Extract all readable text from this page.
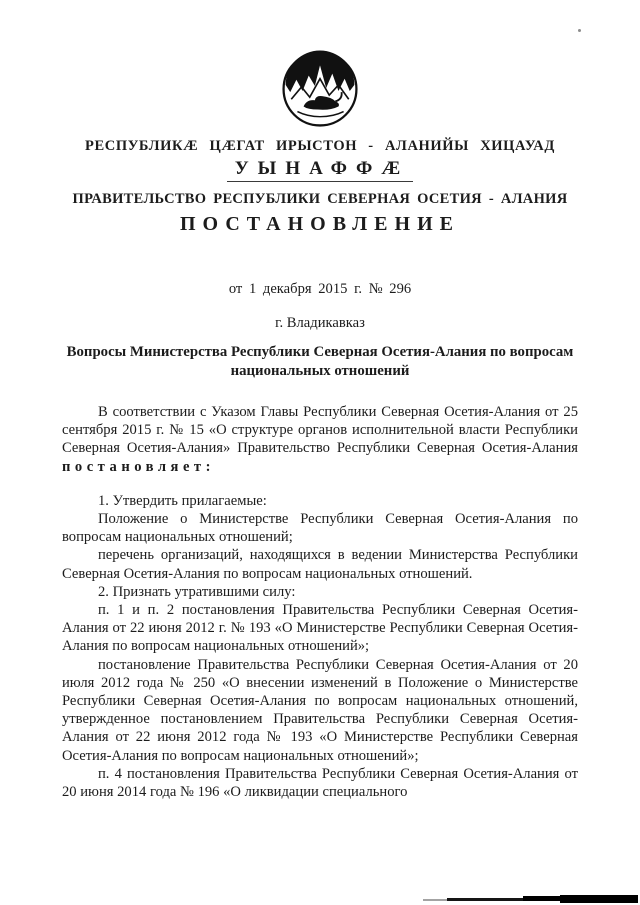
РЕСПУБЛИКÆ ЦÆГАТ ИРЫСТОН - АЛАНИЙЫ ХИЦАУАД
УЫНАФФÆ
ПРАВИТЕЛЬСТВО РЕСПУБЛИКИ СЕВЕРНАЯ ОСЕТИЯ - АЛАНИЯ
ПОСТАНОВЛЕНИЕ
от 1 декабря 2015 г. № 296
г. Владикавказ
Вопросы Министерства Республики Северная Осетия-Алания по вопросам национальных отношений

В соответствии с Указом Главы Республики Северная Осетия-Алания от 25 сентября 2015 г. № 15 «О структуре органов исполнительной власти Республики Северная Осетия-Алания» Правительство Республики Северная Осетия-Алания

постановляет:

1. Утвердить прилагаемые:

Положение о Министерстве Республики Северная Осетия-Алания по вопросам национальных отношений;

перечень организаций, находящихся в ведении Министерства Республики Северная Осетия-Алания по вопросам национальных отношений.

2. Признать утратившими силу:

п. 1 и п. 2 постановления Правительства Республики Северная Осетия-Алания от 22 июня 2012 г. № 193 «О Министерстве Республики Северная Осетия-Алания по вопросам национальных отношений»;

постановление Правительства Республики Северная Осетия-Алания от 20 июля 2012 года № 250 «О внесении изменений в Положение о Министерстве Республики Северная Осетия-Алания по вопросам национальных отношений, утвержденное постановлением Правительства Республики Северная Осетия-Алания от 22 июня 2012 года № 193 «О Министерстве Республики Северная Осетия-Алания по вопросам национальных отношений»;

п. 4 постановления Правительства Республики Северная Осетия-Алания от 20 июня 2014 года № 196 «О ликвидации специального
